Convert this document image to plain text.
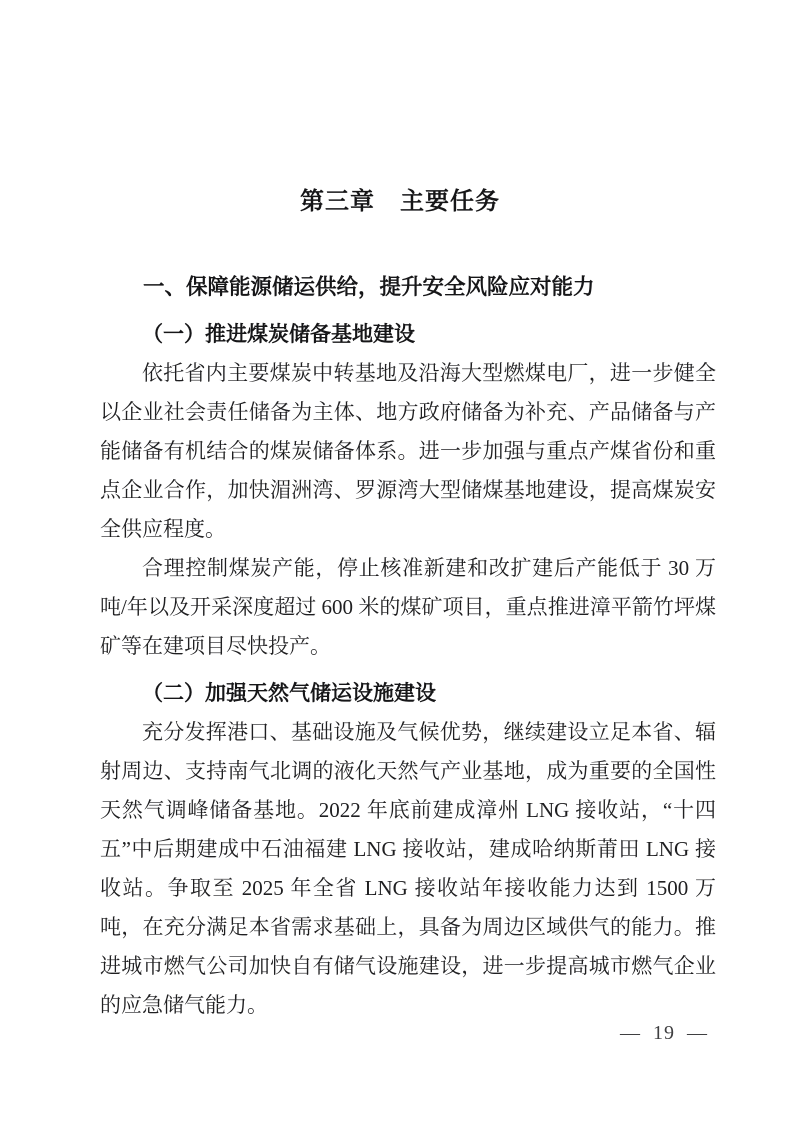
第三章　主要任务
一、保障能源储运供给，提升安全风险应对能力
（一）推进煤炭储备基地建设

依托省内主要煤炭中转基地及沿海大型燃煤电厂，进一步健全以企业社会责任储备为主体、地方政府储备为补充、产品储备与产能储备有机结合的煤炭储备体系。进一步加强与重点产煤省份和重点企业合作，加快湄洲湾、罗源湾大型储煤基地建设，提高煤炭安全供应程度。

合理控制煤炭产能，停止核准新建和改扩建后产能低于 30 万吨/年以及开采深度超过 600 米的煤矿项目，重点推进漳平箭竹坪煤矿等在建项目尽快投产。

（二）加强天然气储运设施建设

充分发挥港口、基础设施及气候优势，继续建设立足本省、辐射周边、支持南气北调的液化天然气产业基地，成为重要的全国性天然气调峰储备基地。2022 年底前建成漳州 LNG 接收站，“十四五”中后期建成中石油福建 LNG 接收站，建成哈纳斯莆田 LNG 接收站。争取至 2025 年全省 LNG 接收站年接收能力达到 1500 万吨，在充分满足本省需求基础上，具备为周边区域供气的能力。推进城市燃气公司加快自有储气设施建设，进一步提高城市燃气企业的应急储气能力。

— 19 —
